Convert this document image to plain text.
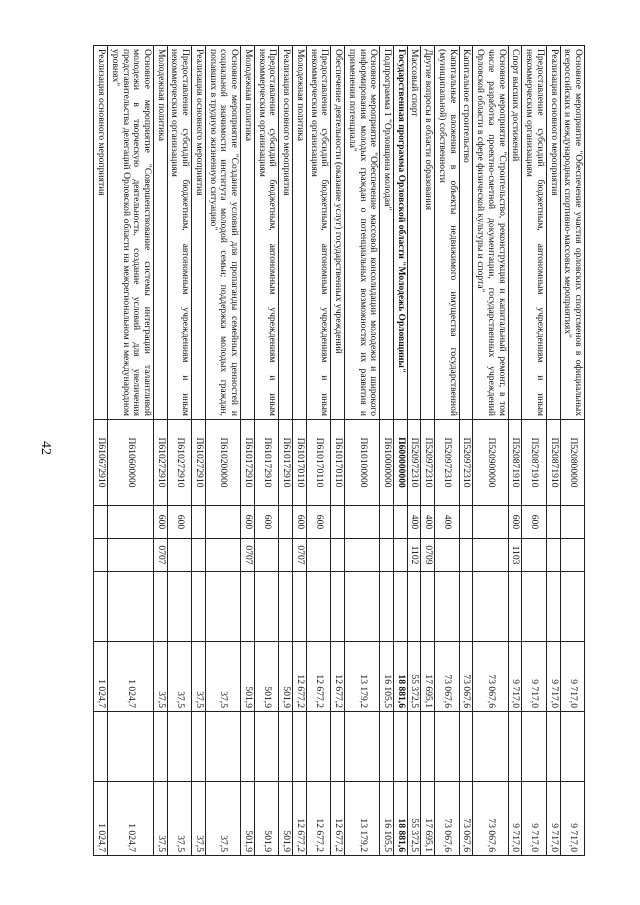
42
Основное мероприятие "Обеспечение участия орловских спортсменов в официальных всероссийских и международных спортивно-массовых мероприятиях"	П520800000				9 717,0		9 717,0
Реализация основного мероприятия	П520871910				9 717,0		9 717,0
Предоставление субсидий бюджетным, автономным учреждениям и иным некоммерческим организациям	П520871910	600			9 717,0		9 717,0
Спорт высших достижений	П520871910	600	1103		9 717,0		9 717,0
Основное мероприятие "Строительство, реконструкция и капитальный ремонт, в том числе разработка проектно-сметной документации, государственных учреждений Орловской области в сфере физической культуры и спорта"	П520900000				73 067,6		73 067,6
Капитальное строительство	П520972310				73 067,6		73 067,6
Капитальные вложения в объекты недвижимого имущества государственной (муниципальной) собственности	П520972310	400			73 067,6		73 067,6
Другие вопросы в области образования	П520972310	400	0709		17 695,1		17 695,1
Массовый спорт	П520972310	400	1102		55 372,5		55 372,5
Государственная программа Орловской области "Молодежь Орловщины"	П600000000				18 881,6		18 881,6
Подпрограмма 1 "Орловщина молодая"	П610000000				16 105,5		16 105,5
Основное мероприятие "Обеспечение массовой консолидации молодежи и широкого информирования молодых граждан о потенциальных возможностях их развития и применения потенциала"	П610100000				13 179,2		13 179,2
Обеспечение деятельности (оказание услуг) государственных учреждений	П610170110				12 677,2		12 677,2
Предоставление субсидий бюджетным, автономным учреждениям и иным некоммерческим организациям	П610170110	600			12 677,2		12 677,2
Молодежная политика	П610170110	600	0707		12 677,2		12 677,2
Реализация основного мероприятия	П610172910				501,9		501,9
Предоставление субсидий бюджетным, автономным учреждениям и иным некоммерческим организациям	П610172910	600			501,9		501,9
Молодежная политика	П610172910	600	0707		501,9		501,9
Основное мероприятие "Создание условий для пропаганды семейных ценностей и социальной значимости института молодой семьи; поддержка молодых граждан, попавших в трудную жизненную ситуацию"	П610200000				37,5		37,5
Реализация основного мероприятия	П610272910				37,5		37,5
Предоставление субсидий бюджетным, автономным учреждениям и иным некоммерческим организациям	П610272910	600			37,5		37,5
Молодежная политика	П610272910	600	0707		37,5		37,5
Основное мероприятие "Совершенствование системы интеграции талантливой молодежи в творческую деятельность, создание условий для увеличения представительства делегаций Орловской области на межрегиональном и международном уровнях"	П610600000				1 024,7		1 024,7
Реализация основного мероприятия	П610672910				1 024,7		1 024,7
